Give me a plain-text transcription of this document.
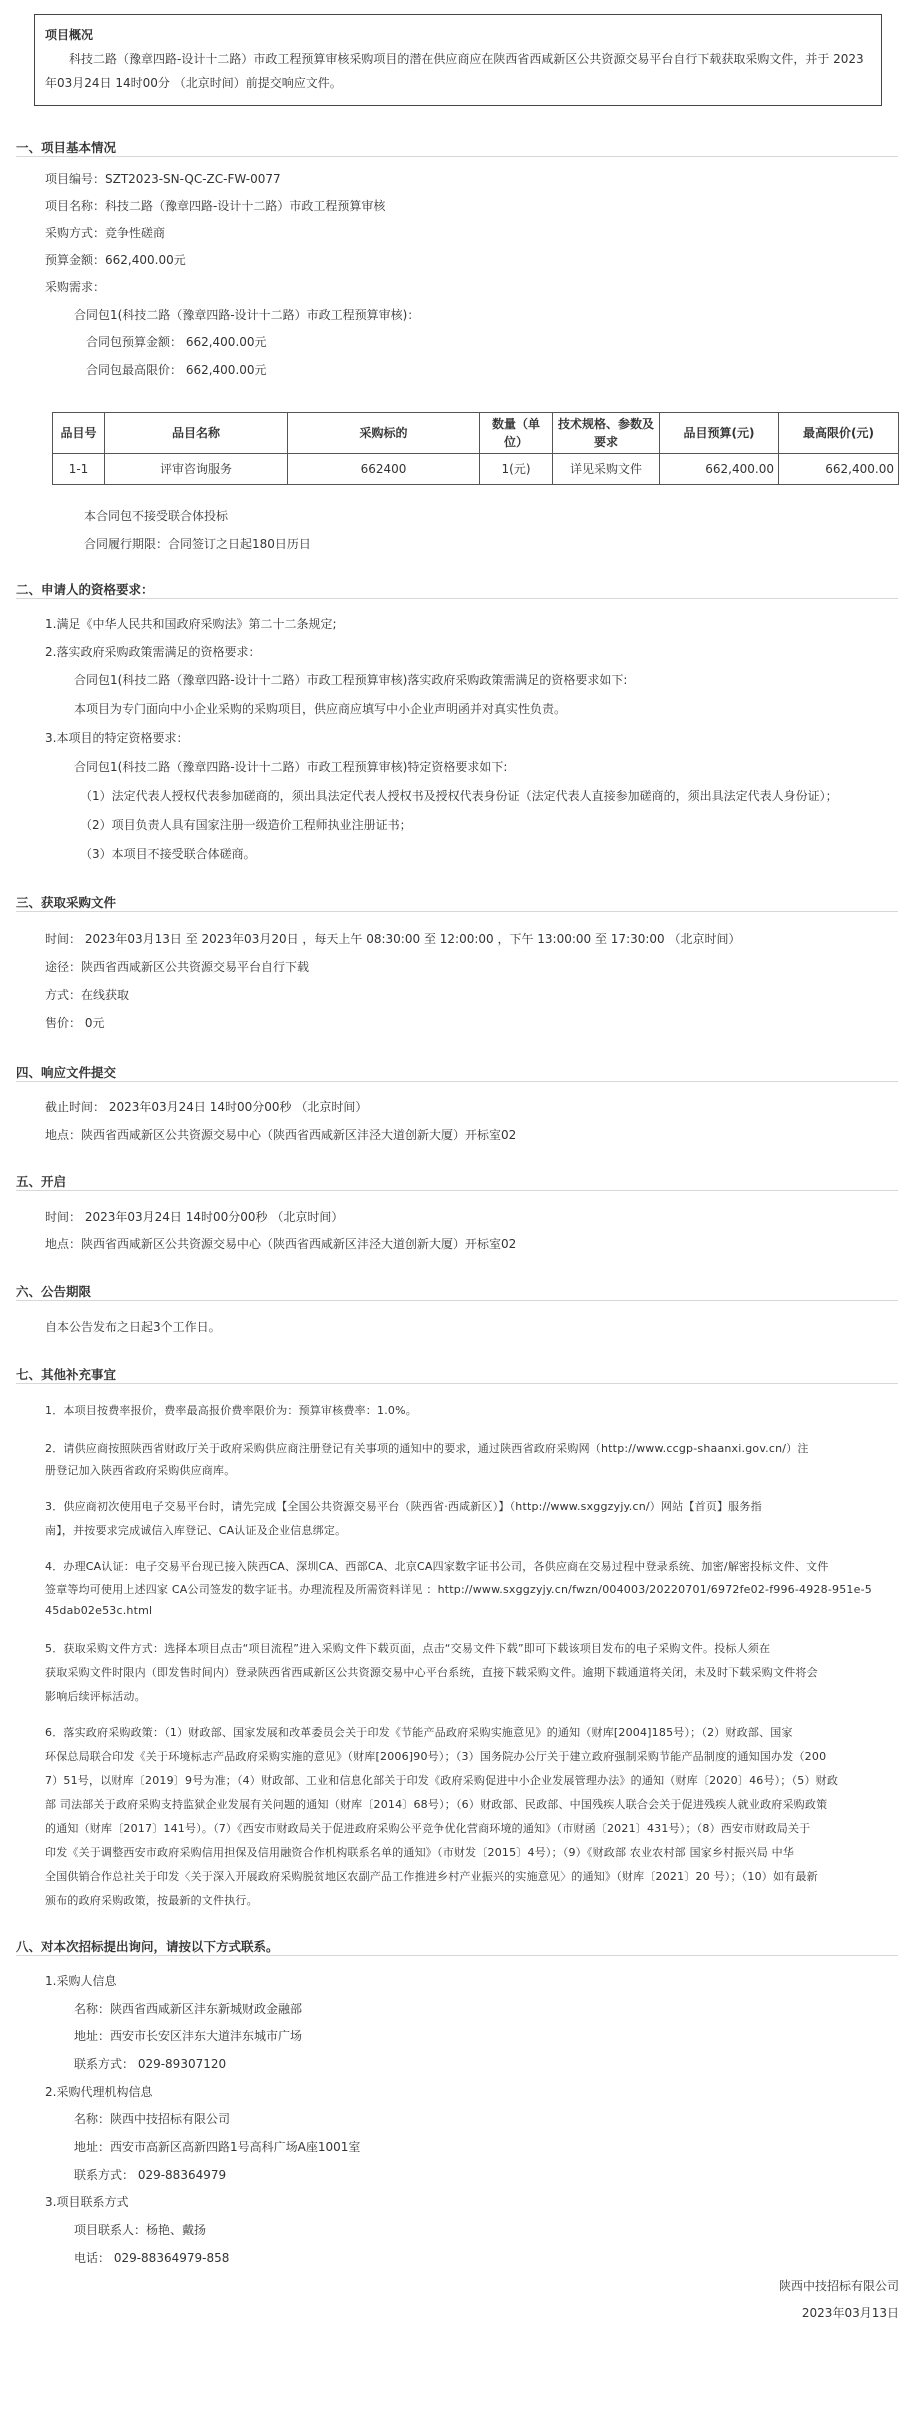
项目概况
科技二路（豫章四路-设计十二路）市政工程预算审核采购项目的潜在供应商应在陕西省西咸新区公共资源交易平台自行下载获取采购文件，并于 2023年03月24日 14时00分 （北京时间）前提交响应文件。
一、项目基本情况
项目编号：SZT2023-SN-QC-ZC-FW-0077
项目名称：科技二路（豫章四路-设计十二路）市政工程预算审核
采购方式：竞争性磋商
预算金额：662,400.00元
采购需求：
合同包1(科技二路（豫章四路-设计十二路）市政工程预算审核)：
合同包预算金额： 662,400.00元
合同包最高限价： 662,400.00元
品目号	品目名称	采购标的	数量（单位）	技术规格、参数及要求	品目预算(元)	最高限价(元)
1-1	评审咨询服务	662400	1(元)	详见采购文件	662,400.00	662,400.00
本合同包不接受联合体投标
合同履行期限：合同签订之日起180日历日
二、申请人的资格要求：
1.满足《中华人民共和国政府采购法》第二十二条规定;
2.落实政府采购政策需满足的资格要求：
合同包1(科技二路（豫章四路-设计十二路）市政工程预算审核)落实政府采购政策需满足的资格要求如下:
本项目为专门面向中小企业采购的采购项目，供应商应填写中小企业声明函并对真实性负责。
3.本项目的特定资格要求：
合同包1(科技二路（豫章四路-设计十二路）市政工程预算审核)特定资格要求如下:
（1）法定代表人授权代表参加磋商的，须出具法定代表人授权书及授权代表身份证（法定代表人直接参加磋商的，须出具法定代表人身份证）；
（2）项目负责人具有国家注册一级造价工程师执业注册证书；
（3）本项目不接受联合体磋商。
三、获取采购文件
时间： 2023年03月13日 至 2023年03月20日 ，每天上午 08:30:00 至 12:00:00 ，下午 13:00:00 至 17:30:00 （北京时间）
途径：陕西省西咸新区公共资源交易平台自行下载
方式：在线获取
售价： 0元
四、响应文件提交
截止时间： 2023年03月24日 14时00分00秒 （北京时间）
地点：陕西省西咸新区公共资源交易中心（陕西省西咸新区沣泾大道创新大厦）开标室02
五、开启
时间： 2023年03月24日 14时00分00秒 （北京时间）
地点：陕西省西咸新区公共资源交易中心（陕西省西咸新区沣泾大道创新大厦）开标室02
六、公告期限
自本公告发布之日起3个工作日。
七、其他补充事宜
1．本项目按费率报价，费率最高报价费率限价为：预算审核费率：1.0%。
2．请供应商按照陕西省财政厅关于政府采购供应商注册登记有关事项的通知中的要求，通过陕西省政府采购网（http://www.ccgp-shaanxi.gov.cn/）注
册登记加入陕西省政府采购供应商库。
3．供应商初次使用电子交易平台时，请先完成【全国公共资源交易平台（陕西省·西咸新区）】（http://www.sxggzyjy.cn/）网站【首页】服务指
南】，并按要求完成诚信入库登记、CA认证及企业信息绑定。
4．办理CA认证：电子交易平台现已接入陕西CA、深圳CA、西部CA、北京CA四家数字证书公司，各供应商在交易过程中登录系统、加密/解密投标文件、文件
签章等均可使用上述四家 CA公司签发的数字证书。办理流程及所需资料详见 ：http://www.sxggzyjy.cn/fwzn/004003/20220701/6972fe02-f996-4928-951e-5
45dab02e53c.html
5．获取采购文件方式：选择本项目点击“项目流程”进入采购文件下载页面，点击“交易文件下载”即可下载该项目发布的电子采购文件。投标人须在
获取采购文件时限内（即发售时间内）登录陕西省西咸新区公共资源交易中心平台系统，直接下载采购文件。逾期下载通道将关闭，未及时下载采购文件将会
影响后续评标活动。
6．落实政府采购政策：（1）财政部、国家发展和改革委员会关于印发《节能产品政府采购实施意见》的通知（财库[2004]185号）；（2）财政部、国家
环保总局联合印发《关于环境标志产品政府采购实施的意见》（财库[2006]90号）；（3）国务院办公厅关于建立政府强制采购节能产品制度的通知国办发（200
7）51号，以财库〔2019〕9号为准；（4）财政部、工业和信息化部关于印发《政府采购促进中小企业发展管理办法》的通知（财库〔2020〕46号）；（5）财政
部 司法部关于政府采购支持监狱企业发展有关问题的通知（财库〔2014〕68号）；（6）财政部、民政部、中国残疾人联合会关于促进残疾人就业政府采购政策
的通知（财库〔2017〕141号）。（7）《西安市财政局关于促进政府采购公平竞争优化营商环境的通知》（市财函〔2021〕431号）；（8）西安市财政局关于
印发《关于调整西安市政府采购信用担保及信用融资合作机构联系名单的通知》（市财发〔2015〕4号）；（9）《财政部 农业农村部 国家乡村振兴局 中华
全国供销合作总社关于印发〈关于深入开展政府采购脱贫地区农副产品工作推进乡村产业振兴的实施意见〉的通知》（财库〔2021〕20 号）；（10）如有最新
颁布的政府采购政策，按最新的文件执行。
八、对本次招标提出询问，请按以下方式联系。
1.采购人信息
名称：陕西省西咸新区沣东新城财政金融部
地址：西安市长安区沣东大道沣东城市广场
联系方式： 029-89307120
2.采购代理机构信息
名称：陕西中技招标有限公司
地址：西安市高新区高新四路1号高科广场A座1001室
联系方式： 029-88364979
3.项目联系方式
项目联系人：杨艳、戴扬
电话： 029-88364979-858
陕西中技招标有限公司
2023年03月13日
